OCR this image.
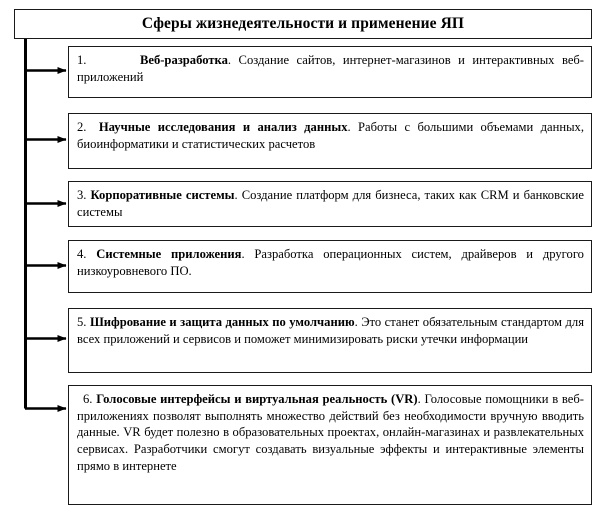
Сферы жизнедеятельности и применение ЯП

1.	Веб-разработка. Создание сайтов, интернет-магазинов и интерактивных веб-приложений

2. Научные исследования и анализ данных. Работы с большими объемами данных, биоинформатики и статистических расчетов

3. Корпоративные системы. Создание платформ для бизнеса, таких как CRM и банковские системы

4. Системные приложения. Разработка операционных систем, драйверов и другого низкоуровневого ПО.

5. Шифрование и защита данных по умолчанию. Это станет обязательным стандартом для всех приложений и сервисов и поможет минимизировать риски утечки информации

6. Голосовые интерфейсы и виртуальная реальность (VR). Голосовые помощники в веб-приложениях позволят выполнять множество действий без необходимости вручную вводить данные. VR будет полезно в образовательных проектах, онлайн-магазинах и развлекательных сервисах. Разработчики смогут создавать визуальные эффекты и интерактивные элементы прямо в интернете
